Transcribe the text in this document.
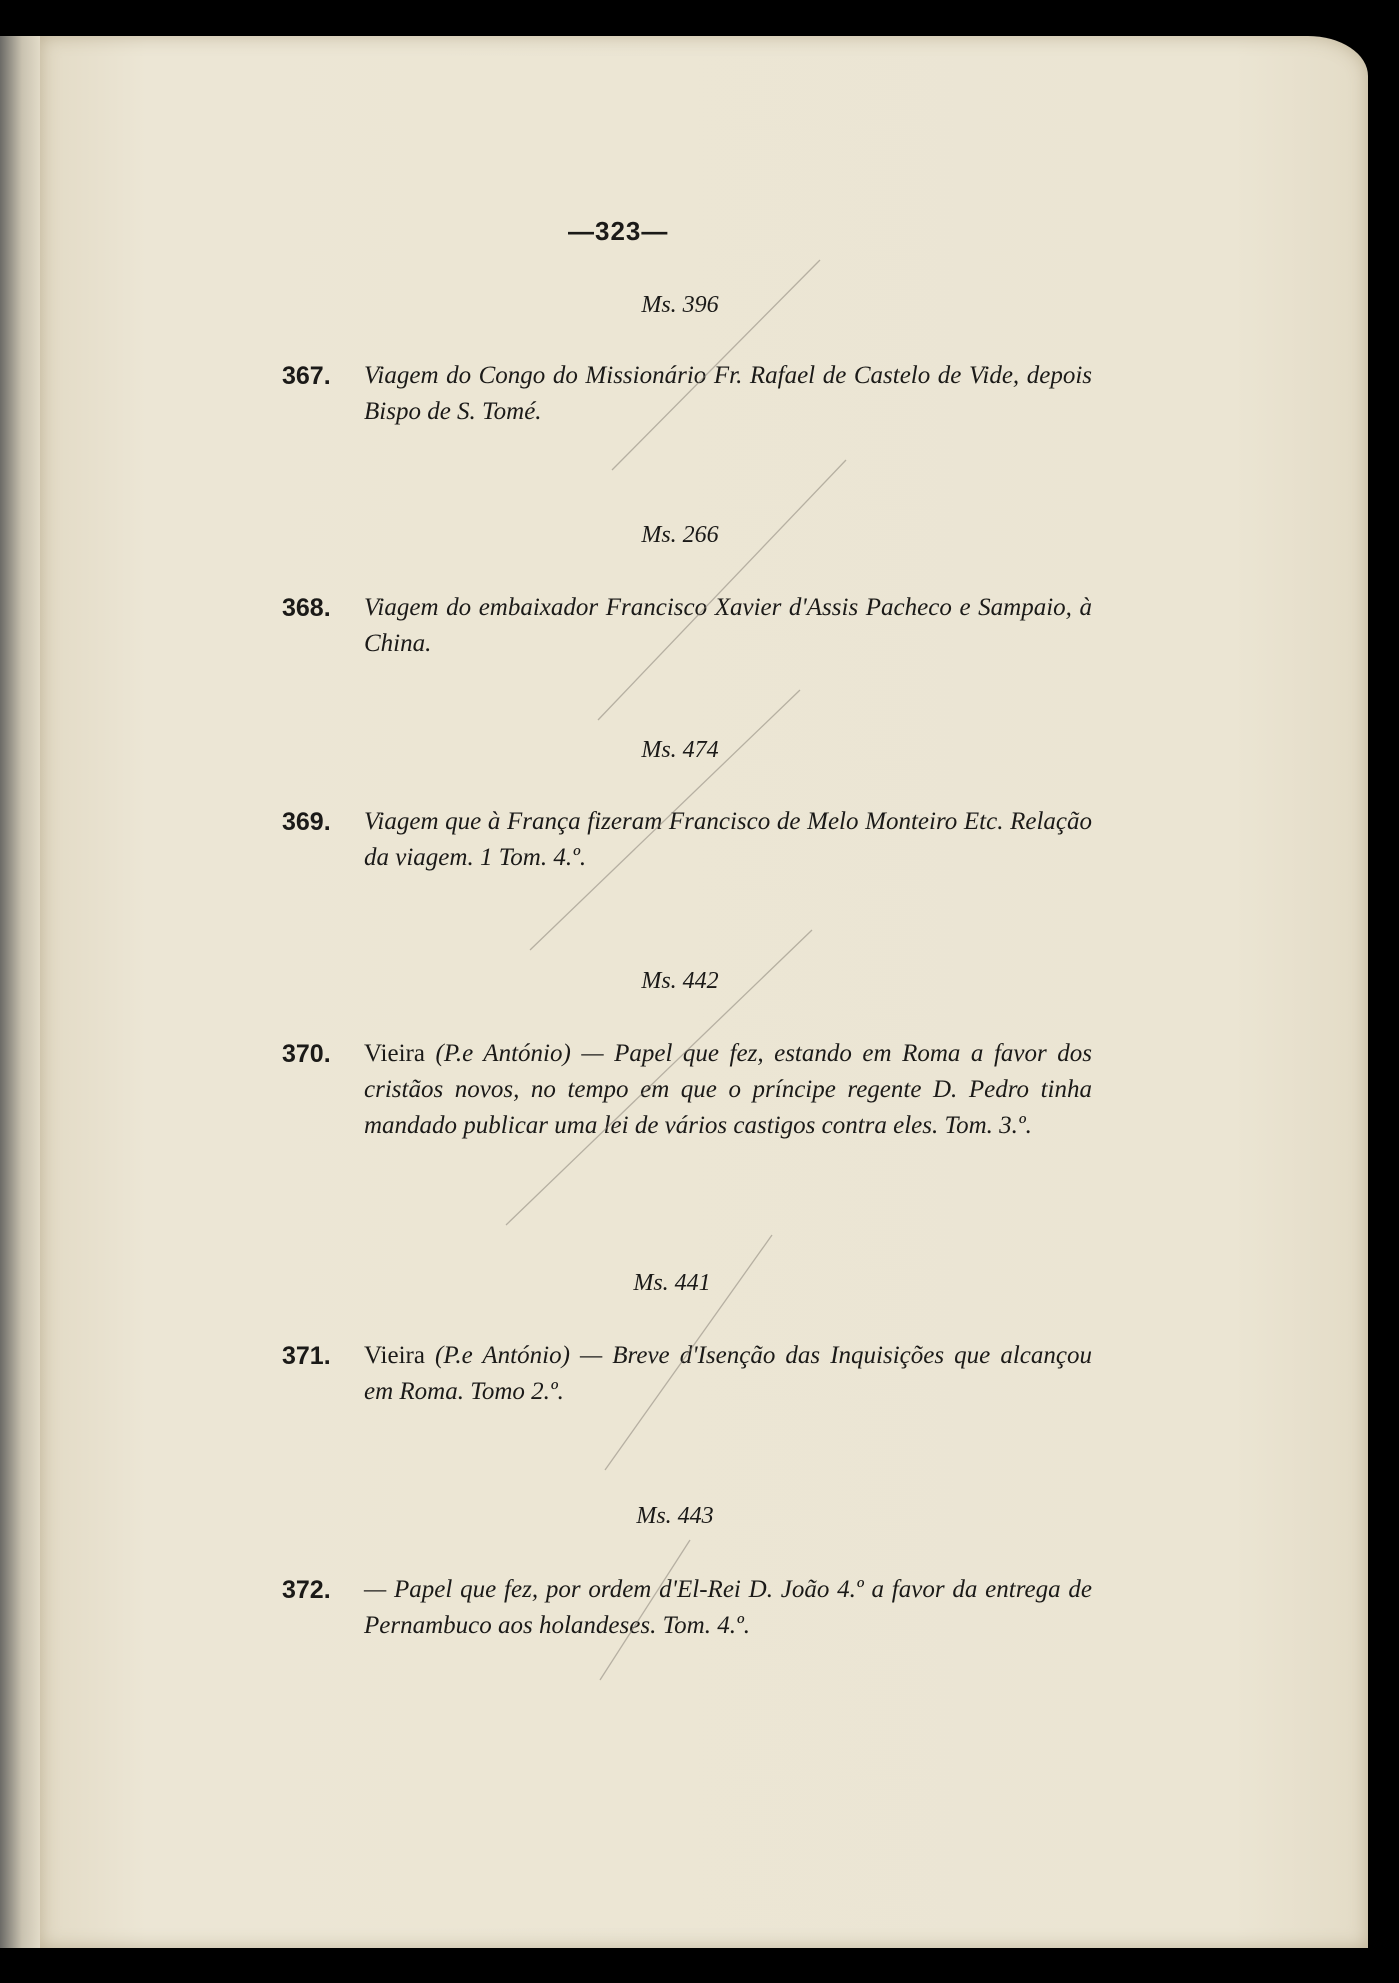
—323—
Ms. 396
367. Viagem do Congo do Missionário Fr. Rafael de Castelo de Vide, depois Bispo de S. Tomé.
Ms. 266
368. Viagem do embaixador Francisco Xavier d'Assis Pacheco e Sampaio, à China.
Ms. 474
369. Viagem que à França fizeram Francisco de Melo Monteiro Etc. Relação da viagem. 1 Tom. 4.º.
Ms. 442
370. Vieira (P.e António) — Papel que fez, estando em Roma a favor dos cristãos novos, no tempo em que o príncipe regente D. Pedro tinha mandado publicar uma lei de vários castigos contra eles. Tom. 3.º.
Ms. 441
371. Vieira (P.e António) — Breve d'Isenção das Inquisições que alcançou em Roma. Tomo 2.º.
Ms. 443
372. — Papel que fez, por ordem d'El-Rei D. João 4.º a favor da entrega de Pernambuco aos holandeses. Tom. 4.º.
